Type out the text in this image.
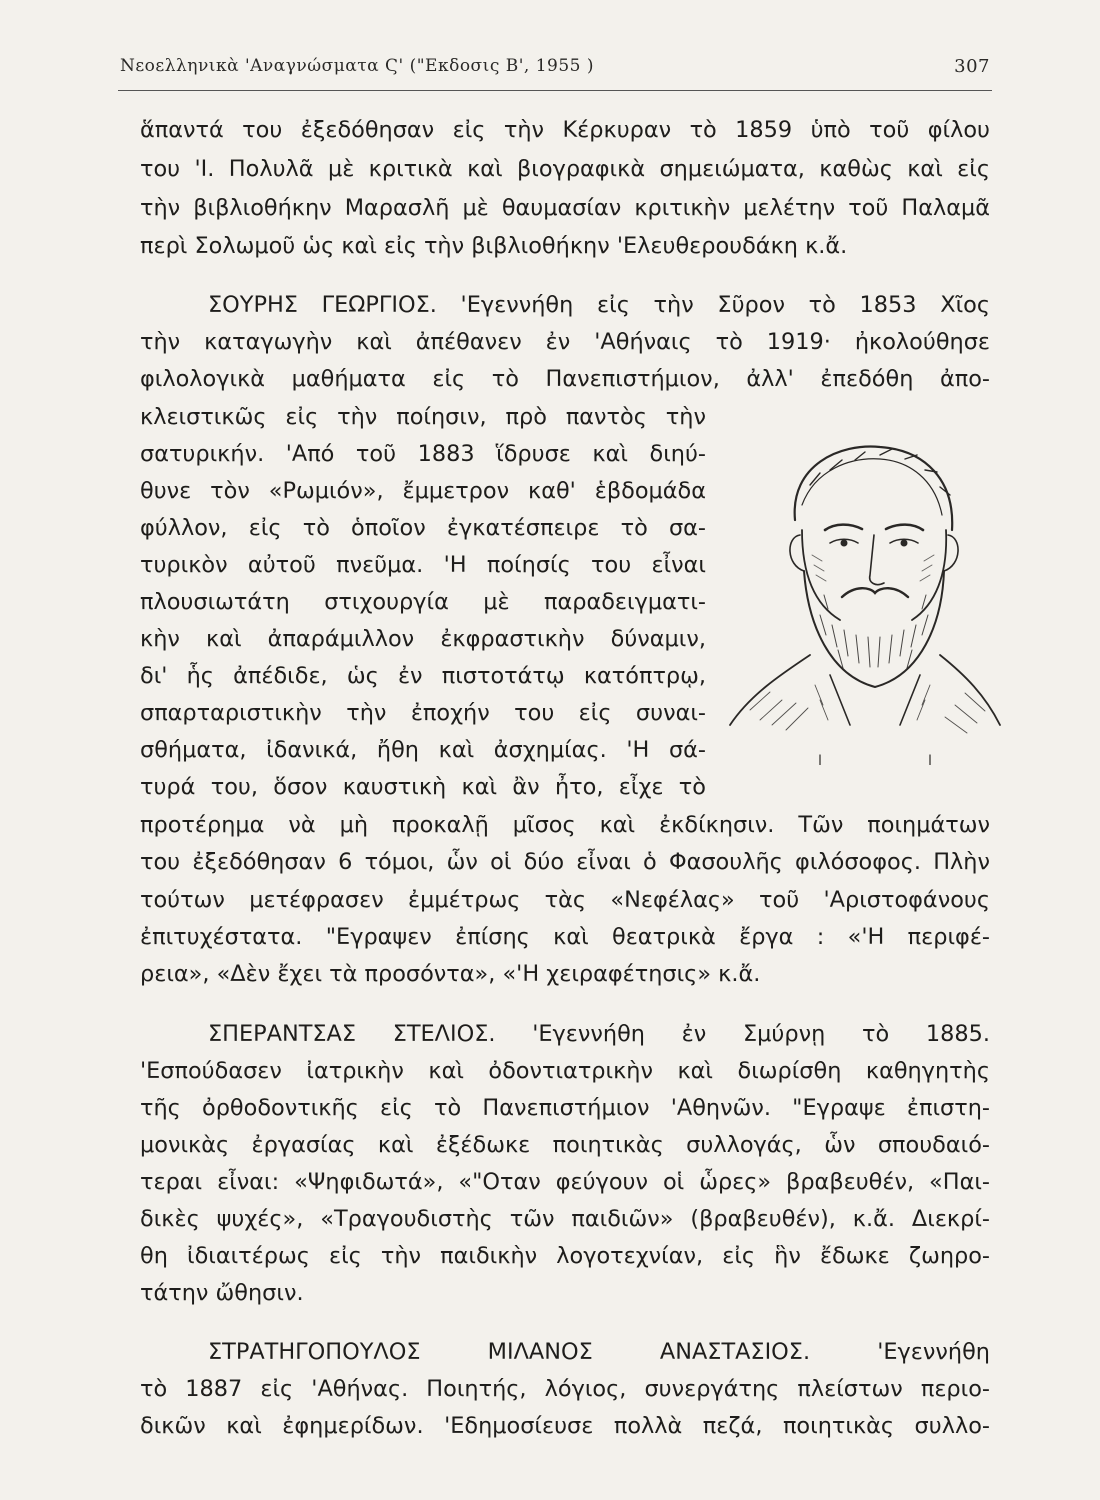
Νεοελληνικὰ 'Αναγνώσματα Ϛ' ("Εκδοσις Β', 1955 )	307
ἅπαντά του ἐξεδόθησαν εἰς τὴν Κέρκυραν τὸ 1859 ὑπὸ τοῦ φίλου
του 'Ι. Πολυλᾶ μὲ κριτικὰ καὶ βιογραφικὰ σημειώματα, καθὼς καὶ εἰς
τὴν βιβλιοθήκην Μαρασλῆ μὲ θαυμασίαν κριτικὴν μελέτην τοῦ Παλαμᾶ
περὶ Σολωμοῦ ὡς καὶ εἰς τὴν βιβλιοθήκην 'Ελευθερουδάκη κ.ἄ.
ΣΟΥΡΗΣ ΓΕΩΡΓΙΟΣ. 'Εγεννήθη εἰς τὴν Σῦρον τὸ 1853 Χῖος
τὴν καταγωγὴν καὶ ἀπέθανεν ἐν 'Αθήναις τὸ 1919· ἠκολούθησε
φιλολογικὰ μαθήματα εἰς τὸ Πανεπιστήμιον, ἀλλ' ἐπεδόθη ἀπο-
κλειστικῶς εἰς τὴν ποίησιν, πρὸ παντὸς τὴν
σατυρικήν. 'Από τοῦ 1883 ἵδρυσε καὶ διηύ-
θυνε τὸν «Ρωμιόν», ἔμμετρον καθ' ἑβδομάδα
φύλλον, εἰς τὸ ὁποῖον ἐγκατέσπειρε τὸ σα-
τυρικὸν αὐτοῦ πνεῦμα. 'Η ποίησίς του εἶναι
πλουσιωτάτη στιχουργία μὲ παραδειγματι-
κὴν καὶ ἀπαράμιλλον ἐκφραστικὴν δύναμιν,
δι' ἧς ἀπέδιδε, ὡς ἐν πιστοτάτῳ κατόπτρῳ,
σπαρταριστικὴν τὴν ἐποχήν του εἰς συναι-
σθήματα, ἰδανικά, ἤθη καὶ ἀσχημίας. 'Η σά-
τυρά του, ὅσον καυστικὴ καὶ ἂν ἦτο, εἶχε τὸ
προτέρημα νὰ μὴ προκαλῇ μῖσος καὶ ἐκδίκησιν. Τῶν ποιημάτων
του ἐξεδόθησαν 6 τόμοι, ὧν οἱ δύο εἶναι ὁ Φασουλῆς φιλόσοφος. Πλὴν
τούτων μετέφρασεν ἐμμέτρως τὰς «Νεφέλας» τοῦ 'Αριστοφάνους
ἐπιτυχέστατα. "Εγραψεν ἐπίσης καὶ θεατρικὰ ἔργα : «'Η περιφέ-
ρεια», «Δὲν ἔχει τὰ προσόντα», «'Η χειραφέτησις» κ.ἄ.
ΣΠΕΡΑΝΤΣΑΣ ΣΤΕΛΙΟΣ. 'Εγεννήθη ἐν Σμύρνῃ τὸ 1885.
'Εσπούδασεν ἰατρικὴν καὶ ὀδοντιατρικὴν καὶ διωρίσθη καθηγητὴς
τῆς ὀρθοδοντικῆς εἰς τὸ Πανεπιστήμιον 'Αθηνῶν. "Εγραψε ἐπιστη-
μονικὰς ἐργασίας καὶ ἐξέδωκε ποιητικὰς συλλογάς, ὧν σπουδαιό-
τεραι εἶναι: «Ψηφιδωτά», «"Οταν φεύγουν οἱ ὧρες» βραβευθέν, «Παι-
δικὲς ψυχές», «Τραγουδιστὴς τῶν παιδιῶν» (βραβευθέν), κ.ἄ. Διεκρί-
θη ἰδιαιτέρως εἰς τὴν παιδικὴν λογοτεχνίαν, εἰς ἣν ἔδωκε ζωηρο-
τάτην ὤθησιν.
ΣΤΡΑΤΗΓΟΠΟΥΛΟΣ ΜΙΛΑΝΟΣ ΑΝΑΣΤΑΣΙΟΣ. 'Εγεννήθη
τὸ 1887 εἰς 'Αθήνας. Ποιητής, λόγιος, συνεργάτης πλείστων περιο-
δικῶν καὶ ἐφημερίδων. 'Εδημοσίευσε πολλὰ πεζά, ποιητικὰς συλλο-
